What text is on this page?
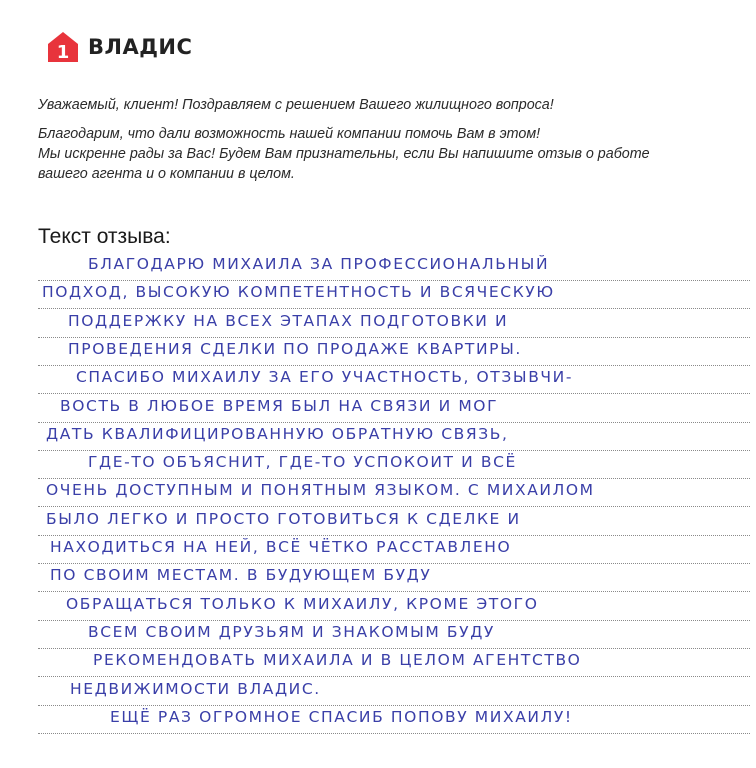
1 ВЛАДИС

Уважаемый, клиент! Поздравляем с решением Вашего жилищного вопроса!

Благодарим, что дали возможность нашей компании помочь Вам в этом!

Мы искренне рады за Вас! Будем Вам признательны, если Вы напишите отзыв о работе

вашего агента и о компании в целом.

Текст отзыва:
БЛАГОДАРЮ МИХАИЛА ЗА ПРОФЕССИОНАЛЬНЫЙ
ПОДХОД, ВЫСОКУЮ КОМПЕТЕНТНОСТЬ И ВСЯЧЕСКУЮ
ПОДДЕРЖКУ НА ВСЕХ ЭТАПАХ ПОДГОТОВКИ И
ПРОВЕДЕНИЯ СДЕЛКИ ПО ПРОДАЖЕ КВАРТИРЫ.
СПАСИБО МИХАИЛУ ЗА ЕГО УЧАСТНОСТЬ, ОТЗЫВЧИ-
ВОСТЬ В ЛЮБОЕ ВРЕМЯ БЫЛ НА СВЯЗИ И МОГ
ДАТЬ КВАЛИФИЦИРОВАННУЮ ОБРАТНУЮ СВЯЗЬ,
ГДЕ-ТО ОБЪЯСНИТ, ГДЕ-ТО УСПОКОИТ И ВСЁ
ОЧЕНЬ ДОСТУПНЫМ И ПОНЯТНЫМ ЯЗЫКОМ. С МИХАИЛОМ
БЫЛО ЛЕГКО И ПРОСТО ГОТОВИТЬСЯ К СДЕЛКЕ И
НАХОДИТЬСЯ НА НЕЙ, ВСЁ ЧЁТКО РАССТАВЛЕНО
ПО СВОИМ МЕСТАМ. В БУДУЮЩЕМ БУДУ
ОБРАЩАТЬСЯ ТОЛЬКО К МИХАИЛУ, КРОМЕ ЭТОГО
ВСЕМ СВОИМ ДРУЗЬЯМ И ЗНАКОМЫМ БУДУ
РЕКОМЕНДОВАТЬ МИХАИЛА И В ЦЕЛОМ АГЕНТСТВО
НЕДВИЖИМОСТИ ВЛАДИС.
ЕЩЁ РАЗ ОГРОМНОЕ СПАСИБ ПОПОВУ МИХАИЛУ!
